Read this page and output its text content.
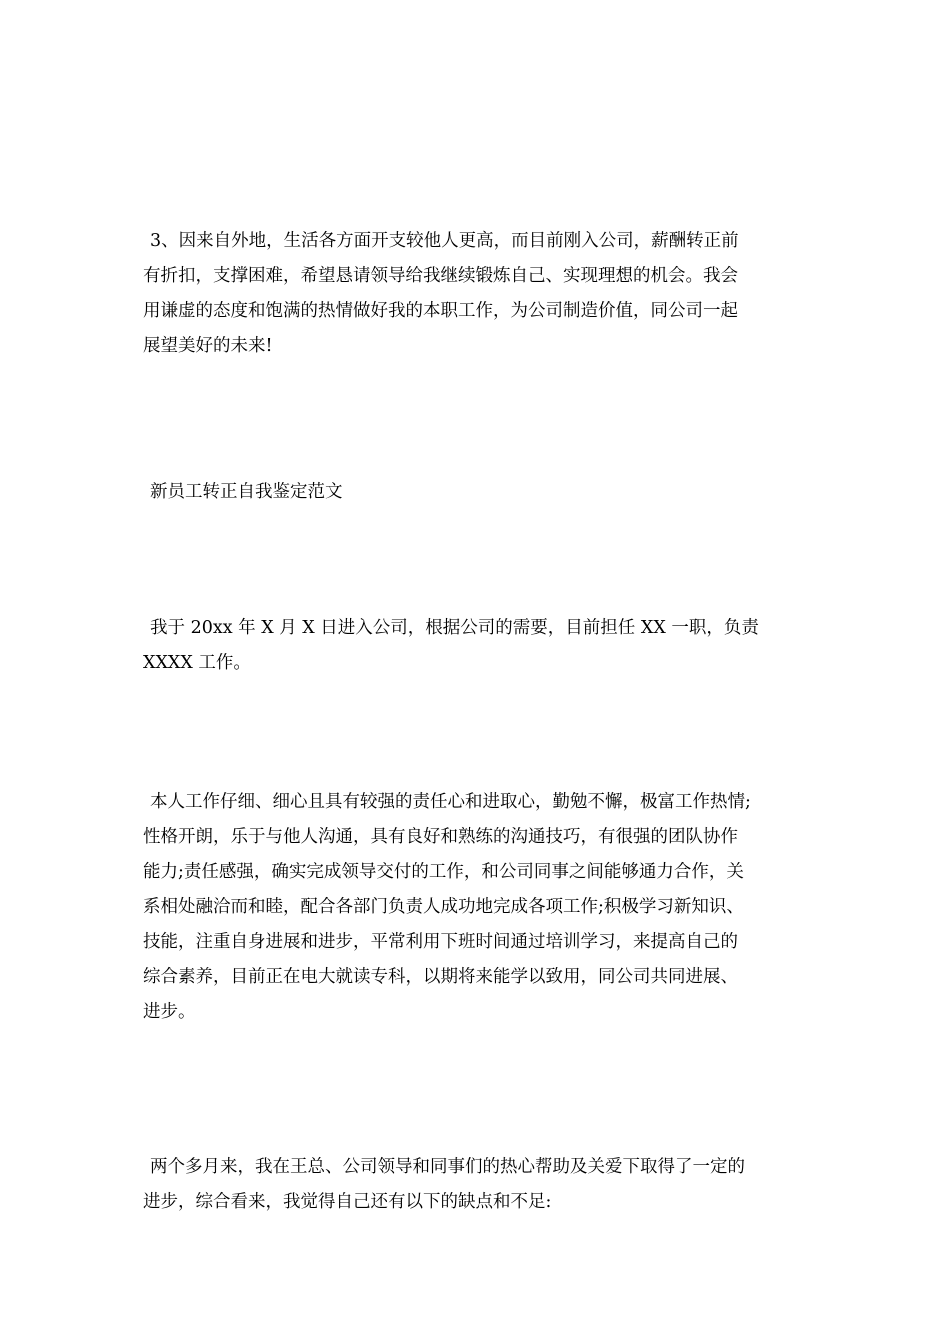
3、因来自外地，生活各方面开支较他人更高，而目前刚入公司，薪酬转正前
有折扣，支撑困难，希望恳请领导给我继续锻炼自己、实现理想的机会。我会
用谦虚的态度和饱满的热情做好我的本职工作，为公司制造价值，同公司一起
展望美好的未来!
新员工转正自我鉴定范文
我于 20xx 年 X 月 X 日进入公司，根据公司的需要，目前担任 XX 一职，负责
XXXX 工作。
本人工作仔细、细心且具有较强的责任心和进取心，勤勉不懈，极富工作热情;
性格开朗，乐于与他人沟通，具有良好和熟练的沟通技巧，有很强的团队协作
能力;责任感强，确实完成领导交付的工作，和公司同事之间能够通力合作，关
系相处融洽而和睦，配合各部门负责人成功地完成各项工作;积极学习新知识、
技能，注重自身进展和进步，平常利用下班时间通过培训学习，来提高自己的
综合素养，目前正在电大就读专科，以期将来能学以致用，同公司共同进展、
进步。
两个多月来，我在王总、公司领导和同事们的热心帮助及关爱下取得了一定的
进步，综合看来，我觉得自己还有以下的缺点和不足:
